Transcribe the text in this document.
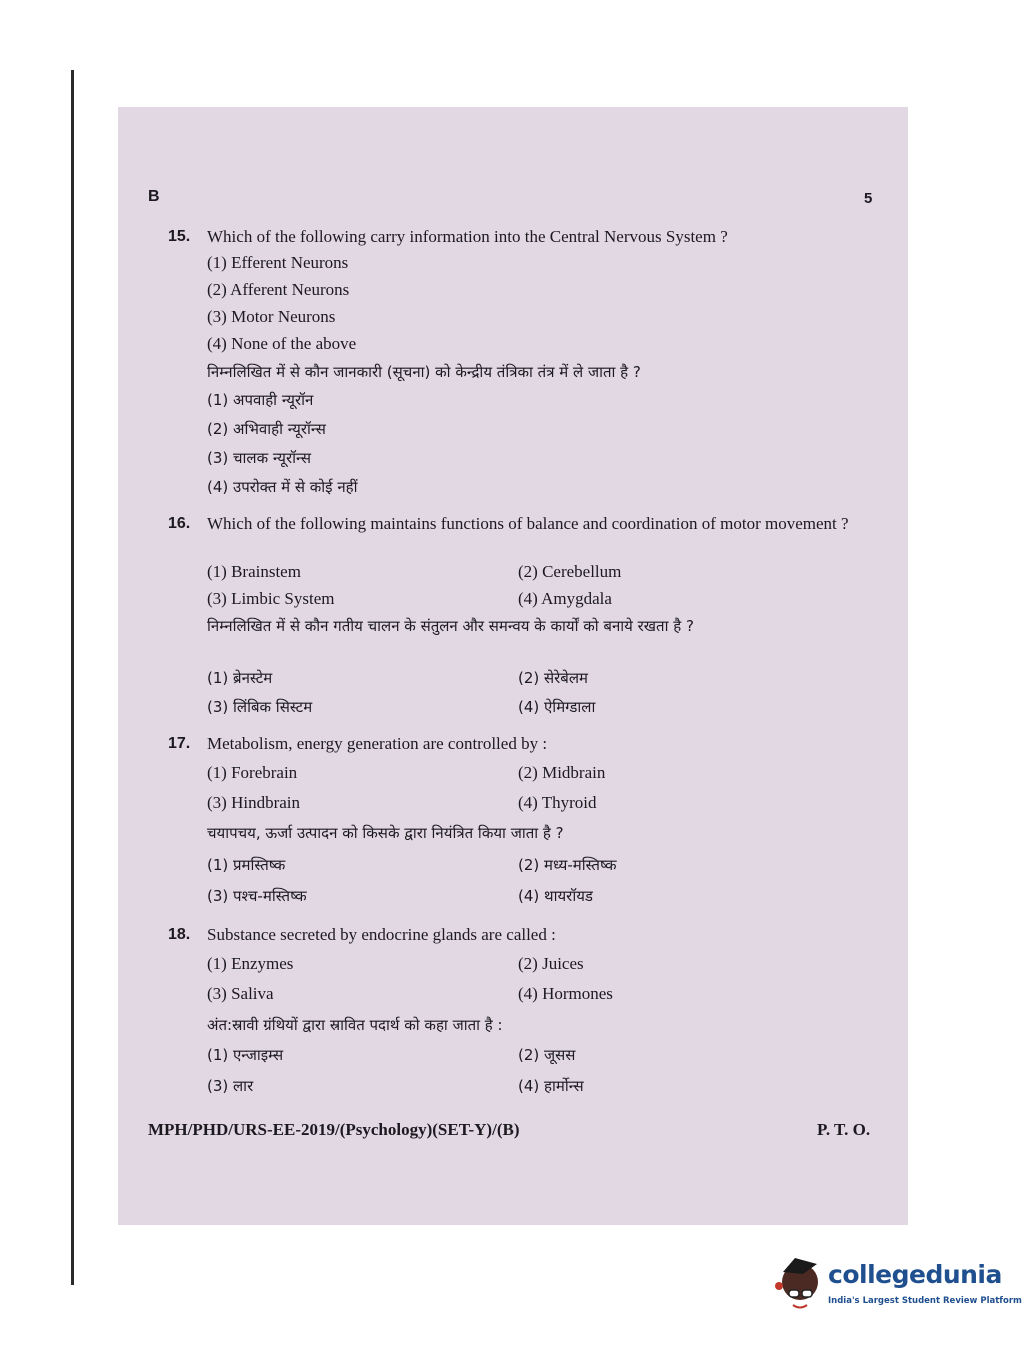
B	5
15. Which of the following carry information into the Central Nervous System ?
(1) Efferent Neurons
(2) Afferent Neurons
(3) Motor Neurons
(4) None of the above
निम्नलिखित में से कौन जानकारी (सूचना) को केन्द्रीय तंत्रिका तंत्र में ले जाता है ?
(1) अपवाही न्यूरॉन
(2) अभिवाही न्यूरॉन्स
(3) चालक न्यूरॉन्स
(4) उपरोक्त में से कोई नहीं
16. Which of the following maintains functions of balance and coordination of motor movement ?
(1) Brainstem	(2) Cerebellum
(3) Limbic System	(4) Amygdala
निम्नलिखित में से कौन गतीय चालन के संतुलन और समन्वय के कार्यों को बनाये रखता है ?
(1) ब्रेनस्टेम	(2) सेरेबेलम
(3) लिंबिक सिस्टम	(4) ऐमिग्डाला
17. Metabolism, energy generation are controlled by :
(1) Forebrain	(2) Midbrain
(3) Hindbrain	(4) Thyroid
चयापचय, ऊर्जा उत्पादन को किसके द्वारा नियंत्रित किया जाता है ?
(1) प्रमस्तिष्क	(2) मध्य-मस्तिष्क
(3) पश्च-मस्तिष्क	(4) थायरॉयड
18. Substance secreted by endocrine glands are called :
(1) Enzymes	(2) Juices
(3) Saliva	(4) Hormones
अंत:स्रावी ग्रंथियों द्वारा स्रावित पदार्थ को कहा जाता है :
(1) एन्जाइम्स	(2) जूसस
(3) लार	(4) हार्मोन्स
MPH/PHD/URS-EE-2019/(Psychology)(SET-Y)/(B)	P. T. O.
collegedunia
India's Largest Student Review Platform
